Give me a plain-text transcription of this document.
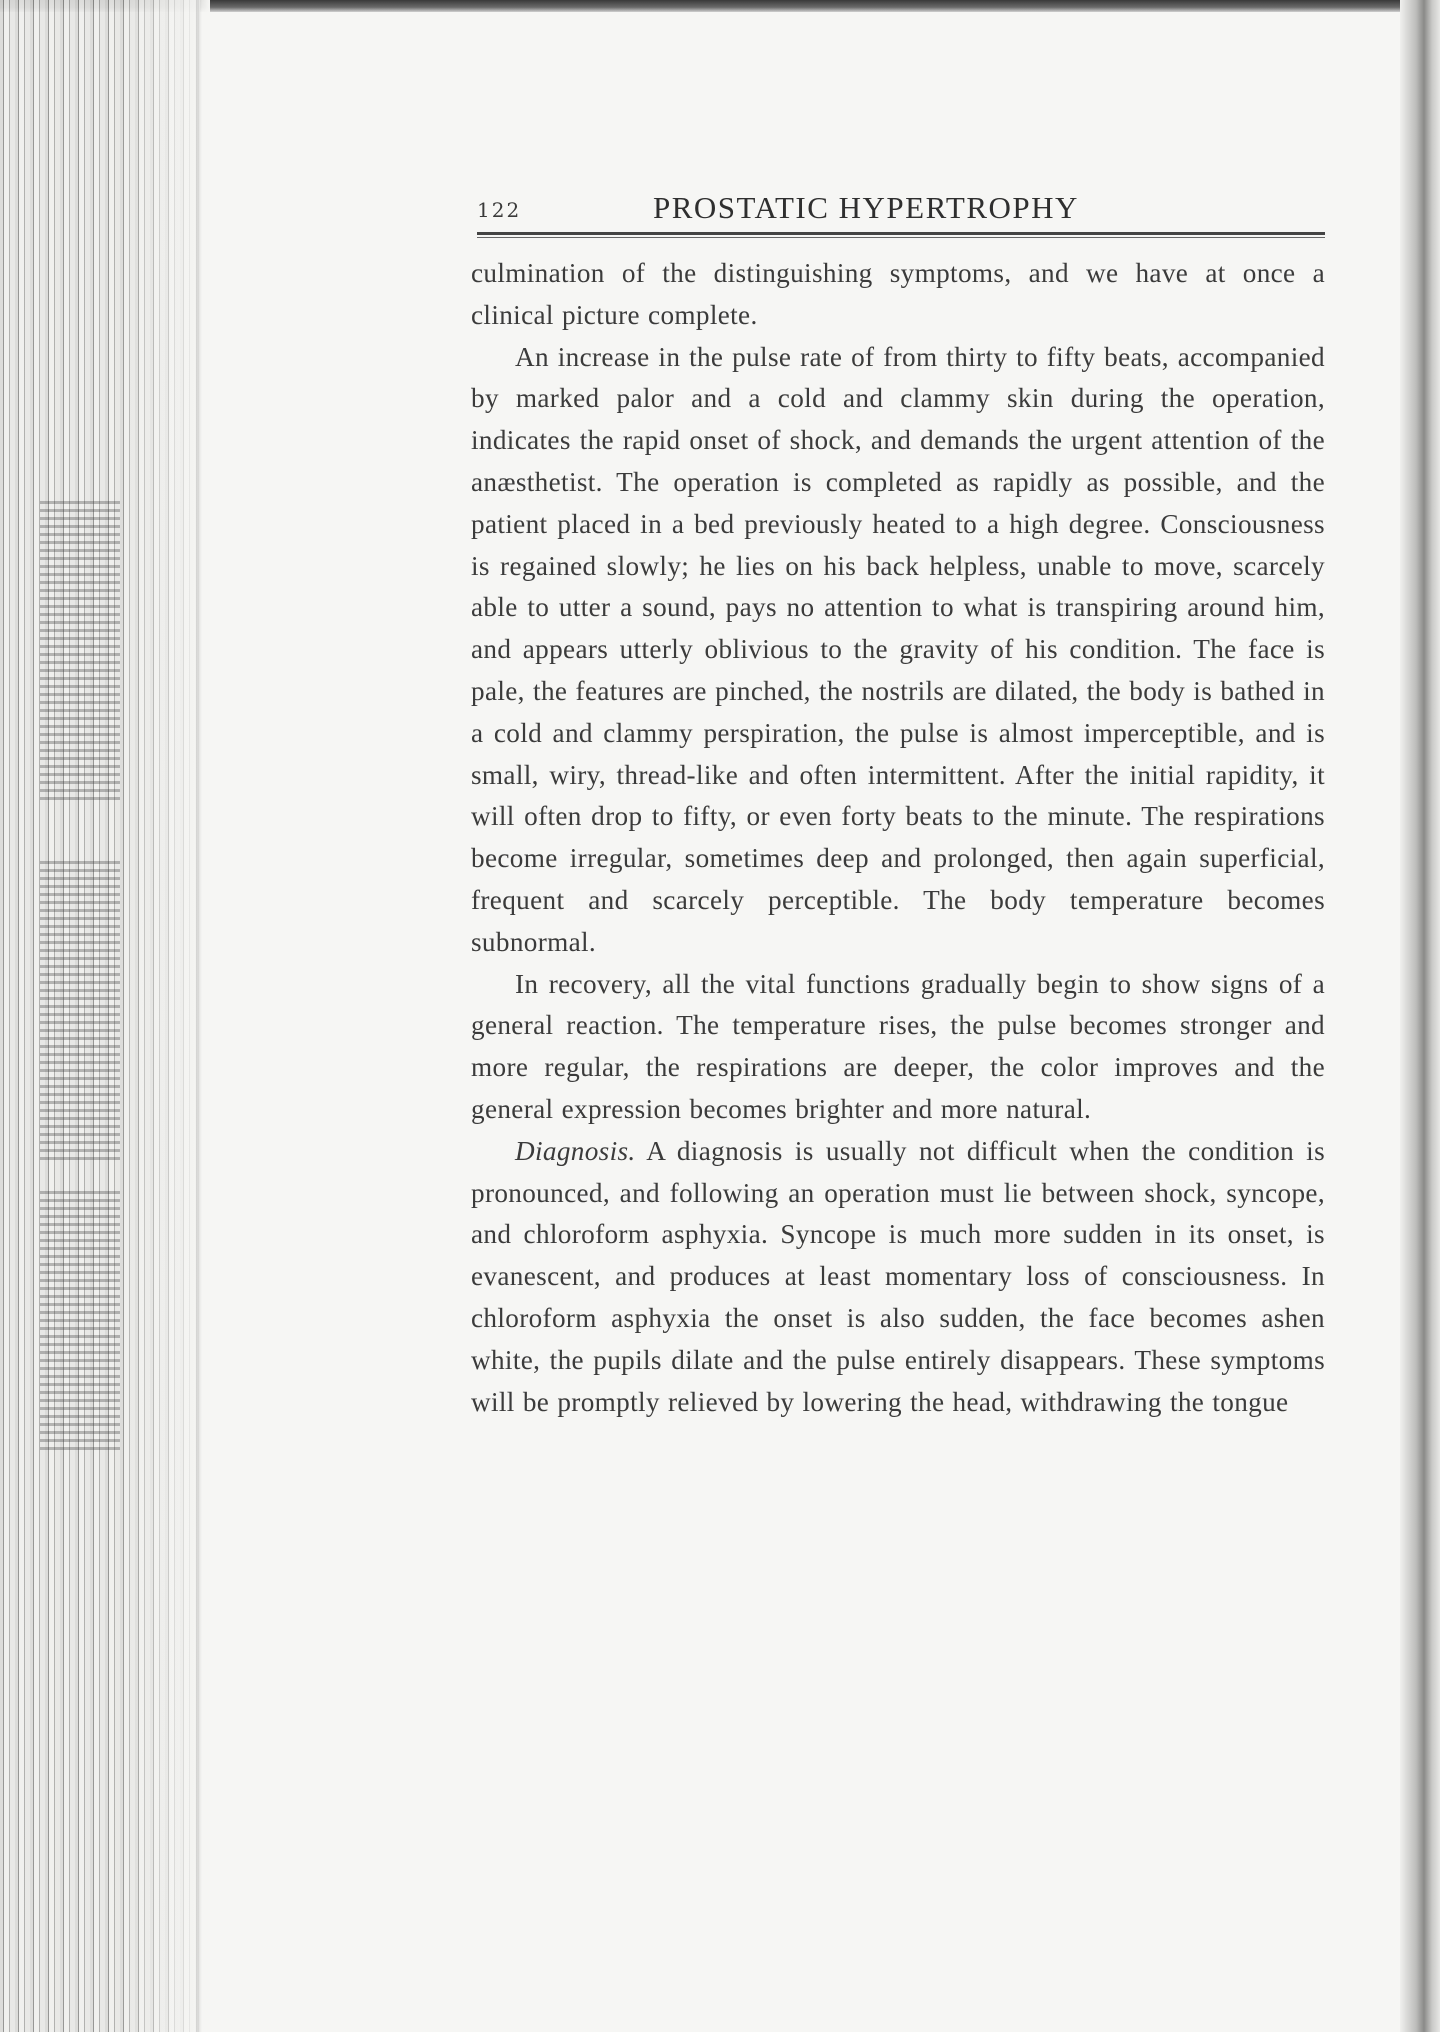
122	PROSTATIC HYPERTROPHY

culmination of the distinguishing symptoms, and we have at once a clinical picture complete.

An increase in the pulse rate of from thirty to fifty beats, accompanied by marked palor and a cold and clammy skin during the operation, indicates the rapid onset of shock, and demands the urgent attention of the anæsthetist. The operation is completed as rapidly as possible, and the patient placed in a bed previously heated to a high degree. Consciousness is regained slowly; he lies on his back helpless, unable to move, scarcely able to utter a sound, pays no attention to what is transpiring around him, and appears utterly oblivious to the gravity of his condition. The face is pale, the features are pinched, the nostrils are dilated, the body is bathed in a cold and clammy perspiration, the pulse is almost imperceptible, and is small, wiry, thread-like and often intermittent. After the initial rapidity, it will often drop to fifty, or even forty beats to the minute. The respirations become irregular, sometimes deep and prolonged, then again superficial, frequent and scarcely perceptible. The body temperature becomes subnormal.

In recovery, all the vital functions gradually begin to show signs of a general reaction. The temperature rises, the pulse becomes stronger and more regular, the respirations are deeper, the color improves and the general expression becomes brighter and more natural.

Diagnosis. A diagnosis is usually not difficult when the condition is pronounced, and following an operation must lie between shock, syncope, and chloroform asphyxia. Syncope is much more sudden in its onset, is evanescent, and produces at least momentary loss of consciousness. In chloroform asphyxia the onset is also sudden, the face becomes ashen white, the pupils dilate and the pulse entirely disappears. These symptoms will be promptly relieved by lowering the head, withdrawing the tongue
